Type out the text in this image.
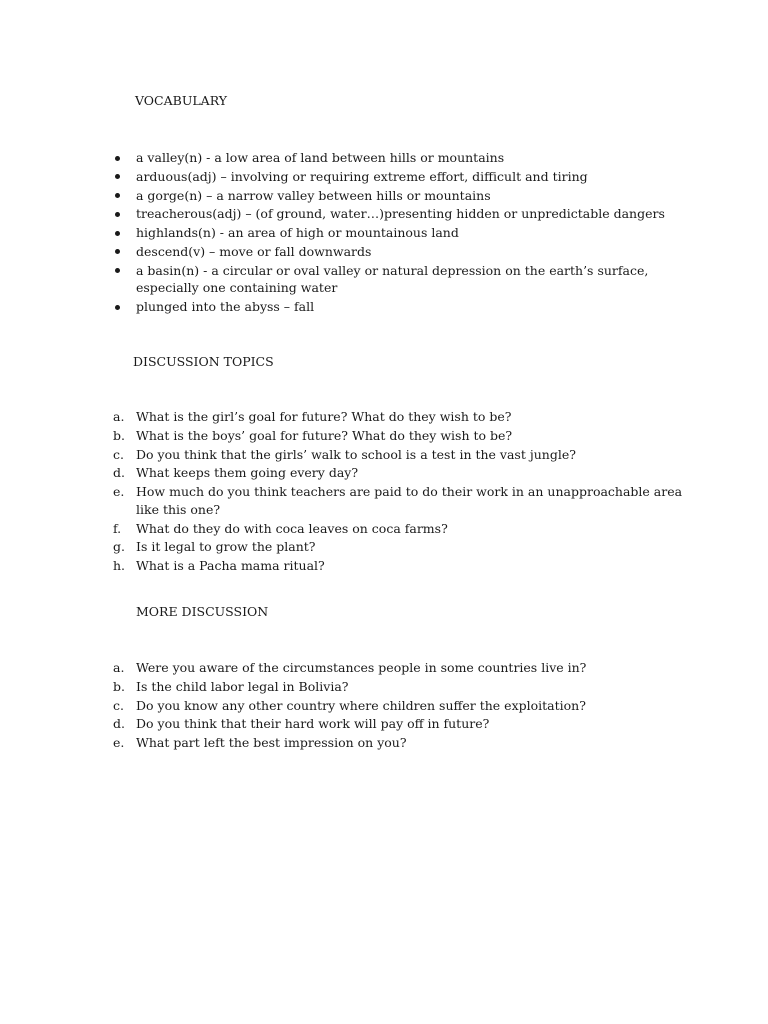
VOCABULARY
a valley(n) - a low area of land between hills or mountains
arduous(adj) – involving or requiring extreme effort, difficult and tiring
a gorge(n) – a narrow valley between hills or mountains
treacherous(adj) – (of ground, water…)presenting hidden or unpredictable dangers
highlands(n) - an area of high or mountainous land
descend(v) – move or fall downwards
a basin(n) - a circular or oval valley or natural depression on the earth’s surface, especially one containing water
plunged into the abyss – fall
DISCUSSION TOPICS
a. What is the girl’s goal for future? What do they wish to be?
b. What is the boys’ goal for future? What do they wish to be?
c. Do you think that the girls’ walk to school is a test in the vast jungle?
d. What keeps them going every day?
e. How much do you think teachers are paid to do their work in an unapproachable area like this one?
f.	What do they do with coca leaves on coca farms?
g. Is it legal to grow the plant?
h. What is a Pacha mama ritual?
MORE DISCUSSION
a. Were you aware of the circumstances people in some countries live in?
b. Is the child labor legal in Bolivia?
c. Do you know any other country where children suffer the exploitation?
d. Do you think that their hard work will pay off in future?
e. What part left the best impression on you?
